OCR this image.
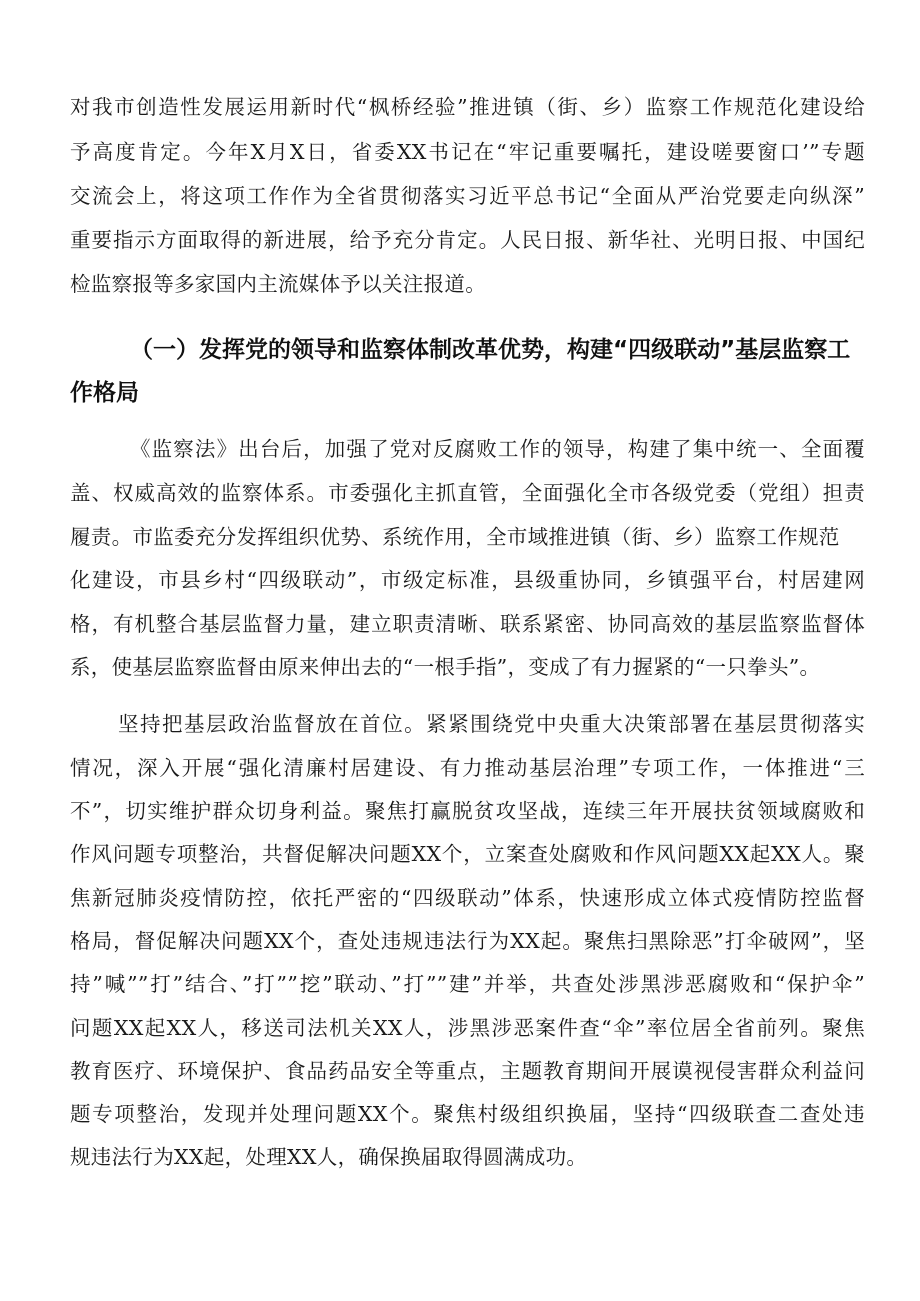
对我市创造性发展运用新时代“枫桥经验”推进镇（街、乡）监察工作规范化建设给
予高度肯定。今年X月X日，省委XX书记在“牢记重要嘱托，建设嗟要窗口’”专题
交流会上，将这项工作作为全省贯彻落实习近平总书记“全面从严治党要走向纵深”
重要指示方面取得的新进展，给予充分肯定。人民日报、新华社、光明日报、中国纪
检监察报等多家国内主流媒体予以关注报道。
（一）发挥党的领导和监察体制改革优势，构建“四级联动”基层监察工
作格局
《监察法》出台后，加强了党对反腐败工作的领导，构建了集中统一、全面覆
盖、权威高效的监察体系。市委强化主抓直管，全面强化全市各级党委（党组）担责
履责。市监委充分发挥组织优势、系统作用，全市域推进镇（街、乡）监察工作规范
化建设，市县乡村“四级联动”，市级定标准，县级重协同，乡镇强平台，村居建网
格，有机整合基层监督力量，建立职责清晰、联系紧密、协同高效的基层监察监督体
系，使基层监察监督由原来伸出去的“一根手指”，变成了有力握紧的“一只拳头”。
坚持把基层政治监督放在首位。紧紧围绕党中央重大决策部署在基层贯彻落实
情况，深入开展“强化清廉村居建设、有力推动基层治理”专项工作，一体推进“三
不”，切实维护群众切身利益。聚焦打赢脱贫攻坚战，连续三年开展扶贫领域腐败和
作风问题专项整治，共督促解决问题XX个，立案查处腐败和作风问题XX起XX人。聚
焦新冠肺炎疫情防控，依托严密的“四级联动”体系，快速形成立体式疫情防控监督
格局，督促解决问题XX个，查处违规违法行为XX起。聚焦扫黑除恶”打伞破网”，坚
持”喊””打”结合、”打””挖”联动、”打””建”并举，共查处涉黑涉恶腐败和“保护伞”
问题XX起XX人，移送司法机关XX人，涉黑涉恶案件查“伞”率位居全省前列。聚焦
教育医疗、环境保护、食品药品安全等重点，主题教育期间开展谟视侵害群众利益问
题专项整治，发现并处理问题XX个。聚焦村级组织换届，坚持“四级联查二查处违
规违法行为XX起，处理XX人，确保换届取得圆满成功。
